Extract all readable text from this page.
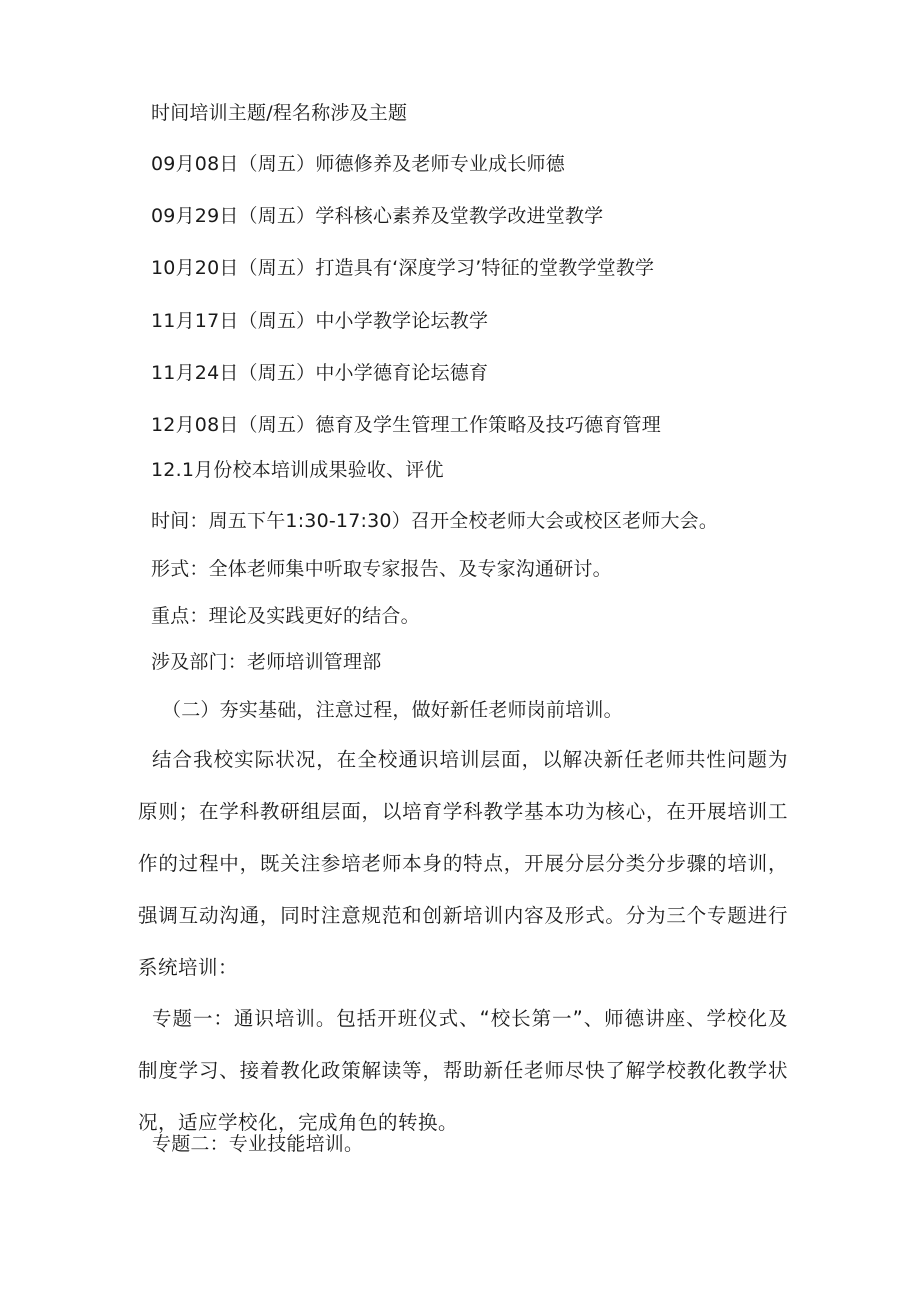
时间培训主题/程名称涉及主题
09月08日（周五）师德修养及老师专业成长师德
09月29日（周五）学科核心素养及堂教学改进堂教学
10月20日（周五）打造具有‘深度学习’特征的堂教学堂教学
11月17日（周五）中小学教学论坛教学
11月24日（周五）中小学德育论坛德育
12月08日（周五）德育及学生管理工作策略及技巧德育管理
12.1月份校本培训成果验收、评优
时间：周五下午1:30-17:30）召开全校老师大会或校区老师大会。
形式：全体老师集中听取专家报告、及专家沟通研讨。
重点：理论及实践更好的结合。
涉及部门：老师培训管理部
（二）夯实基础，注意过程，做好新任老师岗前培训。
结合我校实际状况，在全校通识培训层面，以解决新任老师共性问题为原则；在学科教研组层面，以培育学科教学基本功为核心，在开展培训工作的过程中，既关注参培老师本身的特点，开展分层分类分步骤的培训，强调互动沟通，同时注意规范和创新培训内容及形式。分为三个专题进行系统培训：
专题一：通识培训。包括开班仪式、“校长第一”、师德讲座、学校化及制度学习、接着教化政策解读等，帮助新任老师尽快了解学校教化教学状况，适应学校化，完成角色的转换。
专题二：专业技能培训。
